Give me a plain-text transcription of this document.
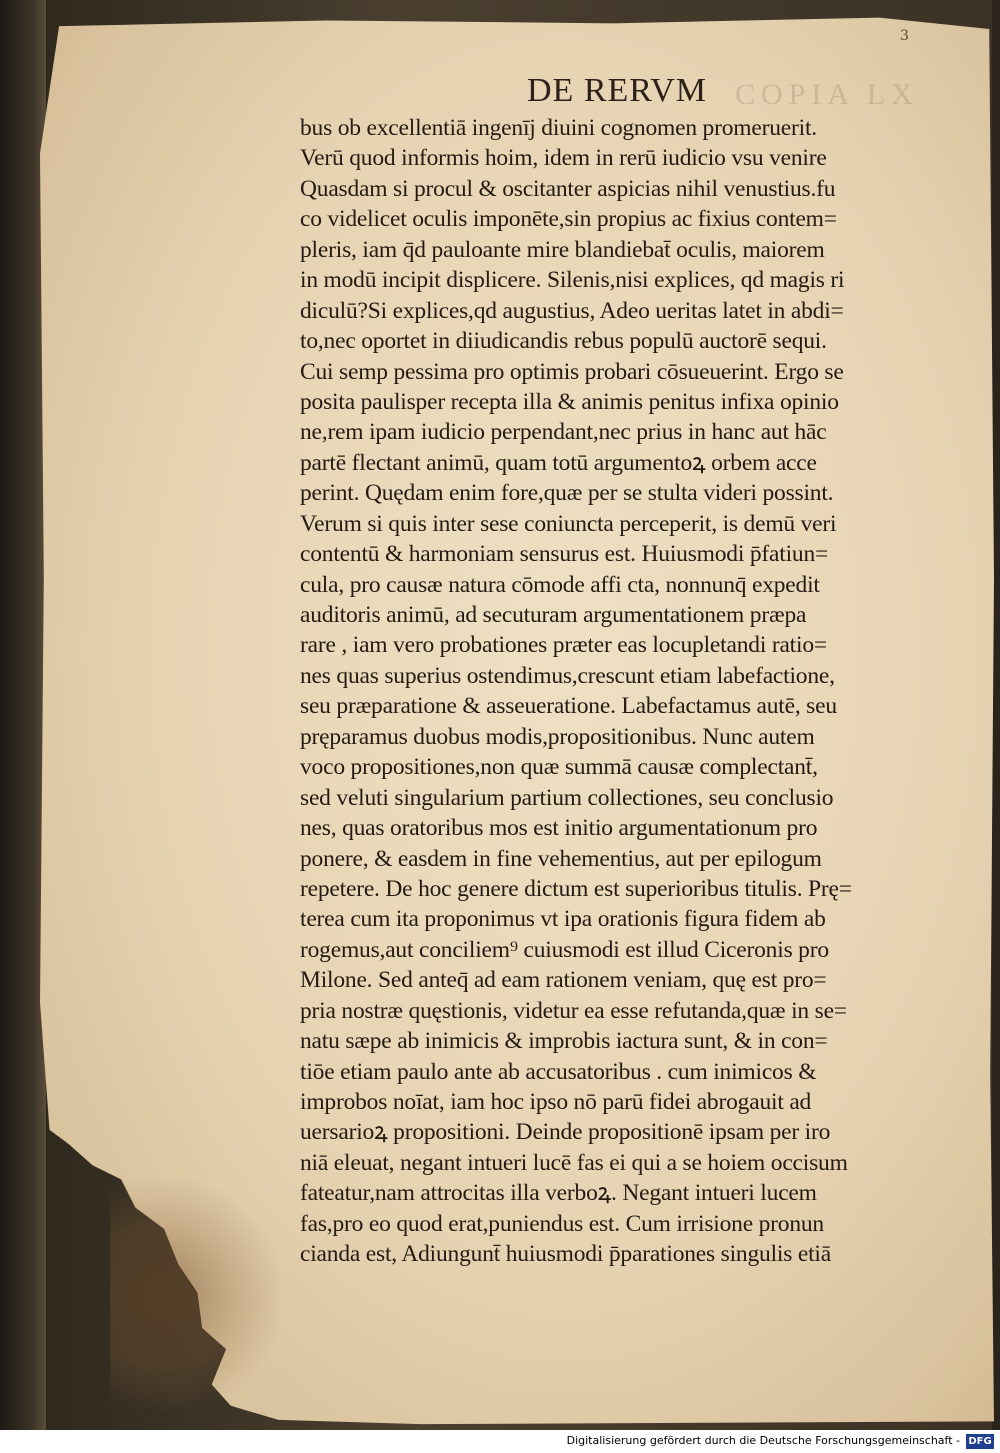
3
COPIA LX
DE RERVM
bus ob excellentiā ingenīj diuini cognomen promeruerit.
Verū quod informis hoim, idem in rerū iudicio vsu venire
Quasdam si procul & oscitanter aspicias nihil venustius.fu
co videlicet oculis imponēte,sin propius ac fixius contem=
pleris, iam q̄d pauloante mire blandiebat̄ oculis, maiorem
in modū incipit displicere. Silenis,nisi explices, qd magis ri
diculū?Si explices,qd augustius, Adeo ueritas latet in abdi=
to,nec oportet in diiudicandis rebus populū auctorē sequi.
Cui semp pessima pro optimis probari cōsueuerint. Ergo se
posita paulisper recepta illa & animis penitus infixa opinio
ne,rem ipam iudicio perpendant,nec prius in hanc aut hāc
partē flectant animū, quam totū argumentoꝝ orbem acce
perint. Quędam enim fore,quæ per se stulta videri possint.
Verum si quis inter sese coniuncta perceperit, is demū veri
contentū & harmoniam sensurus est. Huiusmodi p̄fatiun=
cula, pro causæ natura cōmode affi cta, nonnunq̄ expedit
auditoris animū, ad secuturam argumentationem præpa
rare , iam vero probationes præter eas locupletandi ratio=
nes quas superius ostendimus,crescunt etiam labefactione,
seu præparatione & asseueratione. Labefactamus autē, seu
pręparamus duobus modis,propositionibus. Nunc autem
voco propositiones,non quæ summā causæ complectant̄,
sed veluti singularium partium collectiones, seu conclusio
nes, quas oratoribus mos est initio argumentationum pro
ponere, & easdem in fine vehementius, aut per epilogum
repetere. De hoc genere dictum est superioribus titulis. Prę=
terea cum ita proponimus vt ipa orationis figura fidem ab
rogemus,aut conciliem⁹ cuiusmodi est illud Ciceronis pro
Milone. Sed anteq̄ ad eam rationem veniam, quę est pro=
pria nostræ quęstionis, videtur ea esse refutanda,quæ in se=
natu sæpe ab inimicis & improbis iactura sunt, & in con=
tiōe etiam paulo ante ab accusatoribus . cum inimicos &
improbos noīat, iam hoc ipso nō parū fidei abrogauit ad
uersarioꝝ propositioni. Deinde propositionē ipsam per iro
niā eleuat, negant intueri lucē fas ei qui a se hoiem occisum
fateatur,nam attrocitas illa verboꝝ. Negant intueri lucem
fas,pro eo quod erat,puniendus est. Cum irrisione pronun
cianda est, Adiungunt̄ huiusmodi p̄parationes singulis etiā
Digitalisierung gefördert durch die Deutsche Forschungsgemeinschaft - DFG
